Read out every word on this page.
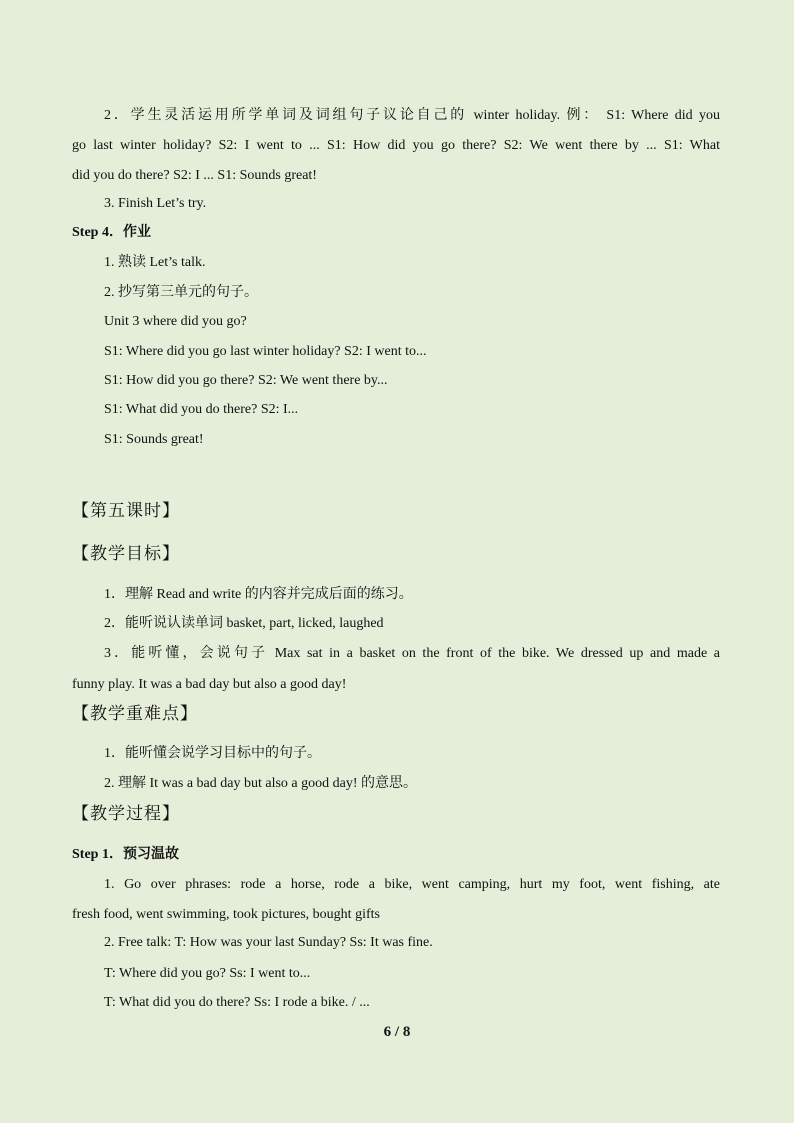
2．学生灵活运用所学单词及词组句子议论自己的 winter holiday. 例： S1: Where did you
go last winter holiday? S2: I went to ... S1: How did you go there? S2: We went there by ... S1: What
did you do there? S2: I ... S1: Sounds great!
3. Finish Let’s try.
Step 4．作业
1. 熟读 Let’s talk.
2. 抄写第三单元的句子。
Unit 3 where did you go?
S1: Where did you go last winter holiday? S2: I went to...
S1: How did you go there? S2: We went there by...
S1: What did you do there? S2: I...
S1: Sounds great!
【第五课时】
【教学目标】
1．理解 Read and write 的内容并完成后面的练习。
2．能听说认读单词 basket, part, licked, laughed
3．能听懂，会说句子 Max sat in a basket on the front of the bike. We dressed up and made a
funny play. It was a bad day but also a good day!
【教学重难点】
1．能听懂会说学习目标中的句子。
2. 理解 It was a bad day but also a good day! 的意思。
【教学过程】
Step 1．预习温故
1. Go over phrases: rode a horse, rode a bike, went camping, hurt my foot, went fishing, ate
fresh food, went swimming, took pictures, bought gifts
2. Free talk: T: How was your last Sunday? Ss: It was fine.
T: Where did you go? Ss: I went to...
T: What did you do there? Ss: I rode a bike. / ...
6 / 8
